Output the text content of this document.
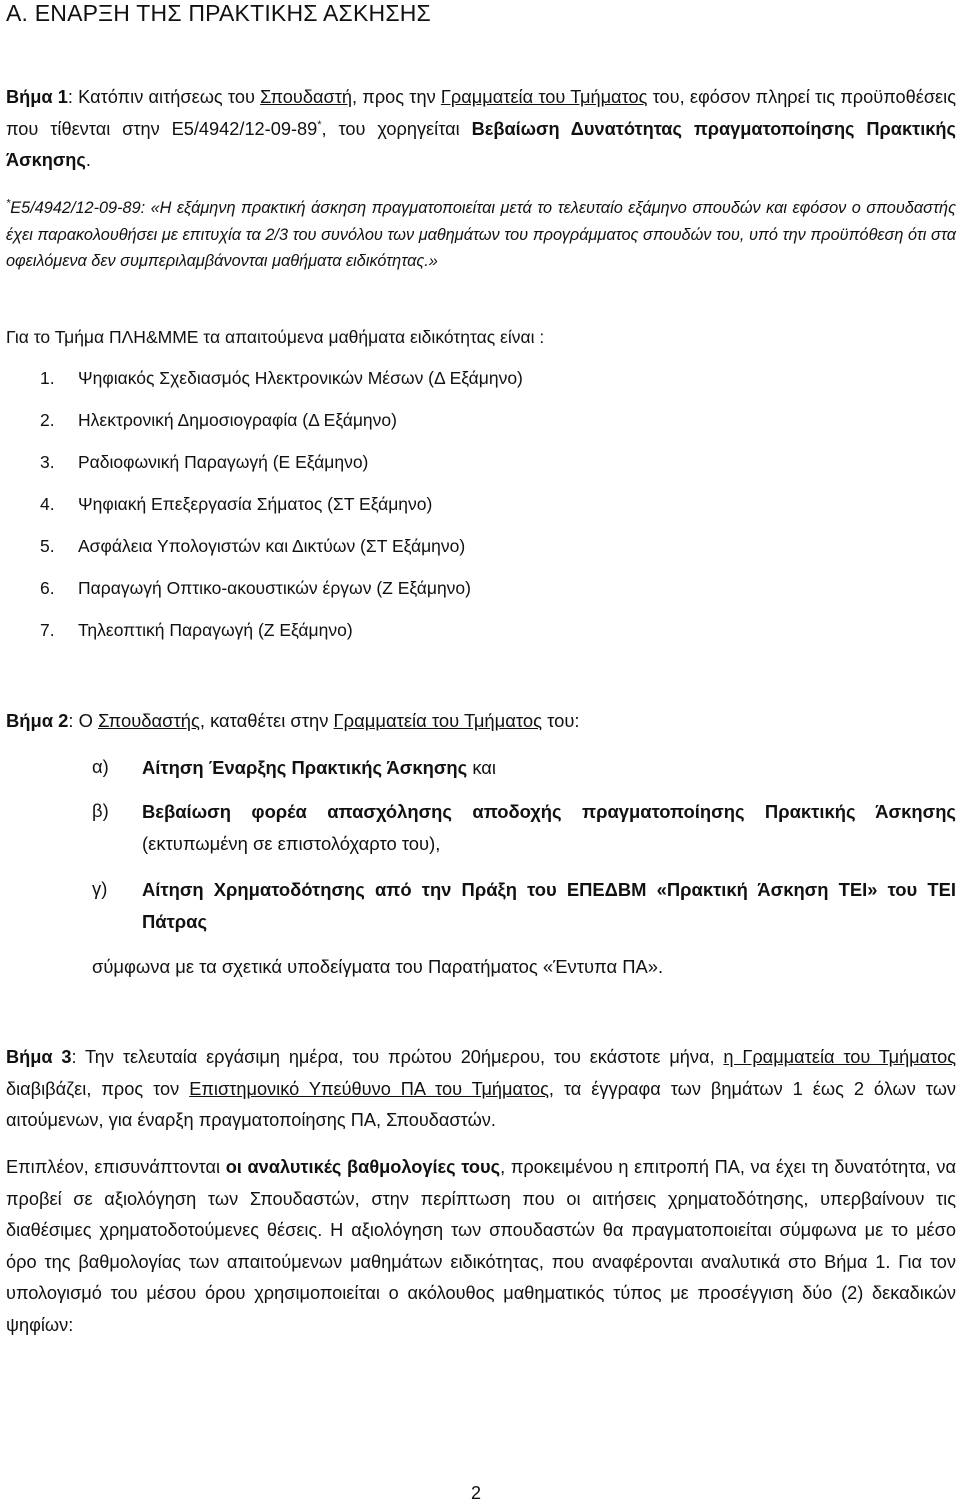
Α. ΕΝΑΡΞΗ ΤΗΣ ΠΡΑΚΤΙΚΗΣ ΑΣΚΗΣΗΣ
Βήμα 1: Κατόπιν αιτήσεως του Σπουδαστή, προς την Γραμματεία του Τμήματος του, εφόσον πληρεί τις προϋποθέσεις που τίθενται στην Ε5/4942/12-09-89*, του χορηγείται Βεβαίωση Δυνατότητας πραγματοποίησης Πρακτικής Άσκησης.
*Ε5/4942/12-09-89: «Η εξάμηνη πρακτική άσκηση πραγματοποιείται μετά το τελευταίο εξάμηνο σπουδών και εφόσον ο σπουδαστής έχει παρακολουθήσει με επιτυχία τα 2/3 του συνόλου των μαθημάτων του προγράμματος σπουδών του, υπό την προϋπόθεση ότι στα οφειλόμενα δεν συμπεριλαμβάνονται μαθήματα ειδικότητας.»
Για το Τμήμα ΠΛΗ&ΜΜΕ τα απαιτούμενα μαθήματα ειδικότητας είναι :
1. Ψηφιακός Σχεδιασμός Ηλεκτρονικών Μέσων (Δ Εξάμηνο)
2. Ηλεκτρονική Δημοσιογραφία (Δ Εξάμηνο)
3. Ραδιοφωνική Παραγωγή (Ε Εξάμηνο)
4. Ψηφιακή Επεξεργασία Σήματος (ΣΤ Εξάμηνο)
5. Ασφάλεια Υπολογιστών και Δικτύων (ΣΤ Εξάμηνο)
6. Παραγωγή Οπτικο-ακουστικών έργων (Ζ Εξάμηνο)
7. Τηλεοπτική Παραγωγή (Ζ Εξάμηνο)
Βήμα 2: Ο Σπουδαστής, καταθέτει στην Γραμματεία του Τμήματος του:
α) Αίτηση Έναρξης Πρακτικής Άσκησης και
β) Βεβαίωση φορέα απασχόλησης αποδοχής πραγματοποίησης Πρακτικής Άσκησης (εκτυπωμένη σε επιστολόχαρτο του),
γ) Αίτηση Χρηματοδότησης από την Πράξη του ΕΠΕΔΒΜ «Πρακτική Άσκηση ΤΕΙ» του ΤΕΙ Πάτρας
σύμφωνα με τα σχετικά υποδείγματα του Παρατήματος «Έντυπα ΠΑ».
Βήμα 3: Την τελευταία εργάσιμη ημέρα, του πρώτου 20ήμερου, του εκάστοτε μήνα, η Γραμματεία του Τμήματος διαβιβάζει, προς τον Επιστημονικό Υπεύθυνο ΠΑ του Τμήματος, τα έγγραφα των βημάτων 1 έως 2 όλων των αιτούμενων, για έναρξη πραγματοποίησης ΠΑ, Σπουδαστών.
Επιπλέον, επισυνάπτονται οι αναλυτικές βαθμολογίες τους, προκειμένου η επιτροπή ΠΑ, να έχει τη δυνατότητα, να προβεί σε αξιολόγηση των Σπουδαστών, στην περίπτωση που οι αιτήσεις χρηματοδότησης, υπερβαίνουν τις διαθέσιμες χρηματοδοτούμενες θέσεις. Η αξιολόγηση των σπουδαστών θα πραγματοποιείται σύμφωνα με το μέσο όρο της βαθμολογίας των απαιτούμενων μαθημάτων ειδικότητας, που αναφέρονται αναλυτικά στο Βήμα 1. Για τον υπολογισμό του μέσου όρου χρησιμοποιείται ο ακόλουθος μαθηματικός τύπος με προσέγγιση δύο (2) δεκαδικών ψηφίων:
2
